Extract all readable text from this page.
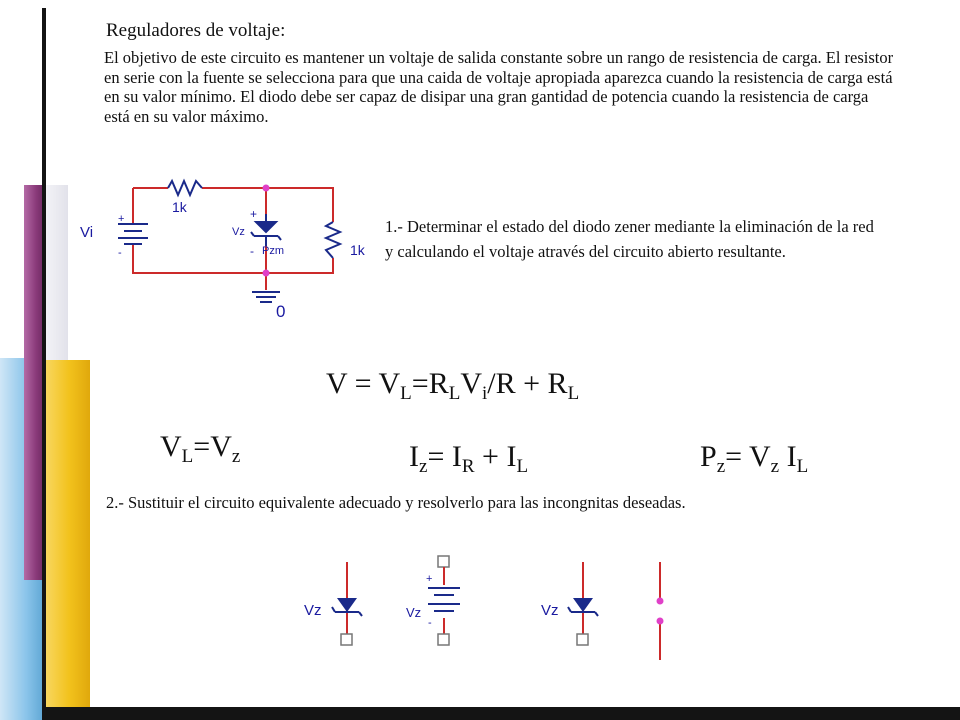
Reguladores de voltaje:
El objetivo de este circuito es mantener un voltaje de salida constante sobre un rango de resistencia de carga. El resistor en serie con la fuente se selecciona para que una caida de voltaje apropiada aparezca cuando la resistencia de carga está en su valor mínimo. El diodo debe ser capaz de disipar una gran gantidad de potencia cuando la resistencia de carga está en su valor máximo.
1.- Determinar el estado del diodo zener mediante la eliminación de la red y calculando el voltaje através del circuito abierto resultante.
Vi
+
-
1k
1k
Vz
Pzm
+
-
0
$V = V_L=R_LV_i/R + R_L$
$V_L=V_z$	$I_z= I_R + I_L$	$P_z= V_z$ $I_L$
2.- Sustituir el circuito equivalente adecuado y resolverlo para las incongnitas deseadas.
Vz
+
Vz
-
Vz
